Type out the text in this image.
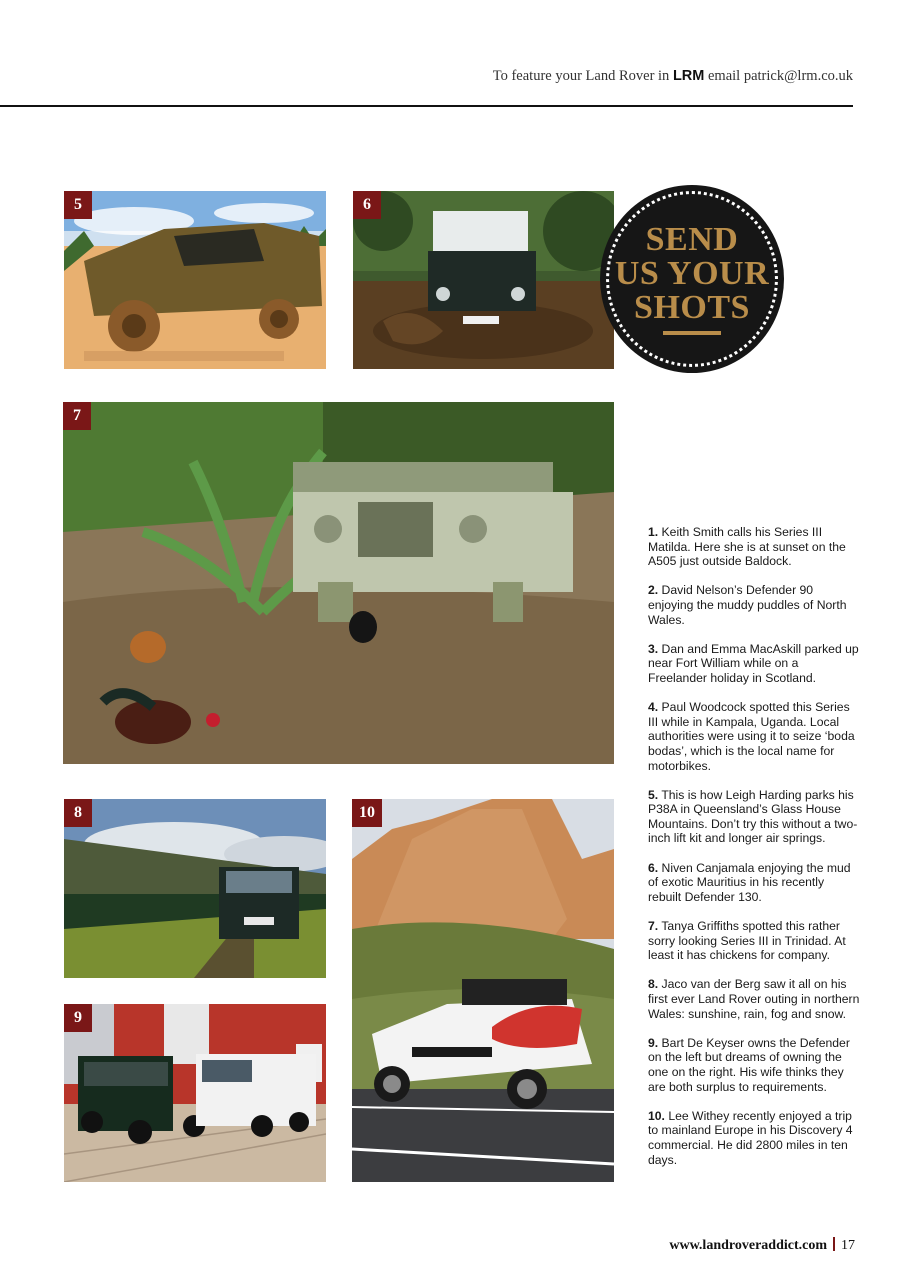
To feature your Land Rover in LRM email patrick@lrm.co.uk
5	6
SEND
US YOUR
SHOTS
7
8
9
10

1. Keith Smith calls his Series III Matilda. Here she is at sunset on the A505 just outside Baldock.

2. David Nelson’s Defender 90 enjoying the muddy puddles of North Wales.

3. Dan and Emma MacAskill parked up near Fort William while on a Freelander holiday in Scotland.

4. Paul Woodcock spotted this Series III while in Kampala, Uganda. Local authorities were using it to seize ‘boda bodas’, which is the local name for motorbikes.

5. This is how Leigh Harding parks his P38A in Queensland’s Glass House Mountains. Don’t try this without a two-inch lift kit and longer air springs.

6. Niven Canjamala enjoying the mud of exotic Mauritius in his recently rebuilt Defender 130.

7. Tanya Griffiths spotted this rather sorry looking Series III in Trinidad. At least it has chickens for company.

8. Jaco van der Berg saw it all on his first ever Land Rover outing in northern Wales: sunshine, rain, fog and snow.

9. Bart De Keyser owns the Defender on the left but dreams of owning the one on the right. His wife thinks they are both surplus to requirements.

10. Lee Withey recently enjoyed a trip to mainland Europe in his Discovery 4 commercial. He did 2800 miles in ten days.

www.landroveraddict.com 17
